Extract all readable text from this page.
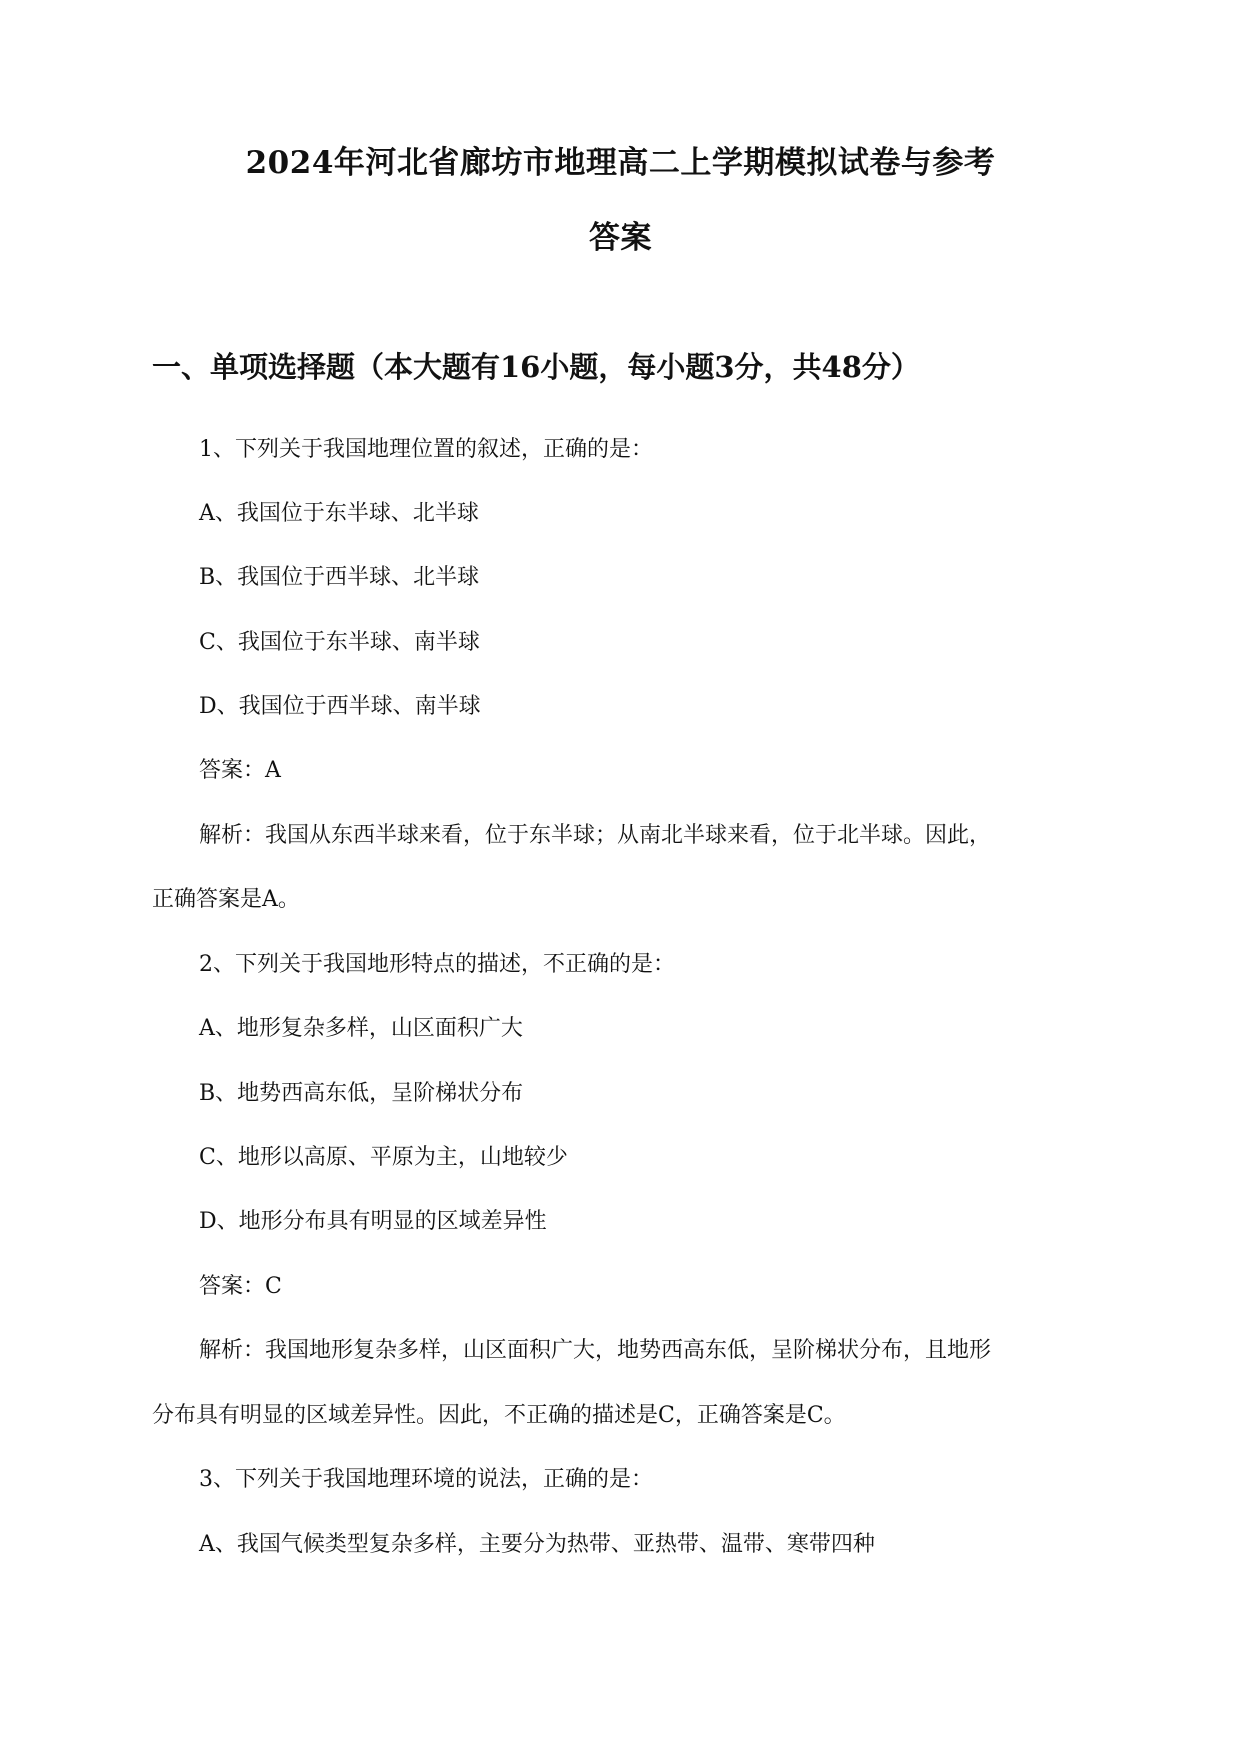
2024年河北省廊坊市地理高二上学期模拟试卷与参考
答案
一、单项选择题（本大题有16小题，每小题3分，共48分）
1、下列关于我国地理位置的叙述，正确的是：
A、我国位于东半球、北半球
B、我国位于西半球、北半球
C、我国位于东半球、南半球
D、我国位于西半球、南半球
答案：A
解析：我国从东西半球来看，位于东半球；从南北半球来看，位于北半球。因此，
正确答案是A。
2、下列关于我国地形特点的描述，不正确的是：
A、地形复杂多样，山区面积广大
B、地势西高东低，呈阶梯状分布
C、地形以高原、平原为主，山地较少
D、地形分布具有明显的区域差异性
答案：C
解析：我国地形复杂多样，山区面积广大，地势西高东低，呈阶梯状分布，且地形
分布具有明显的区域差异性。因此，不正确的描述是C，正确答案是C。
3、下列关于我国地理环境的说法，正确的是：
A、我国气候类型复杂多样，主要分为热带、亚热带、温带、寒带四种
